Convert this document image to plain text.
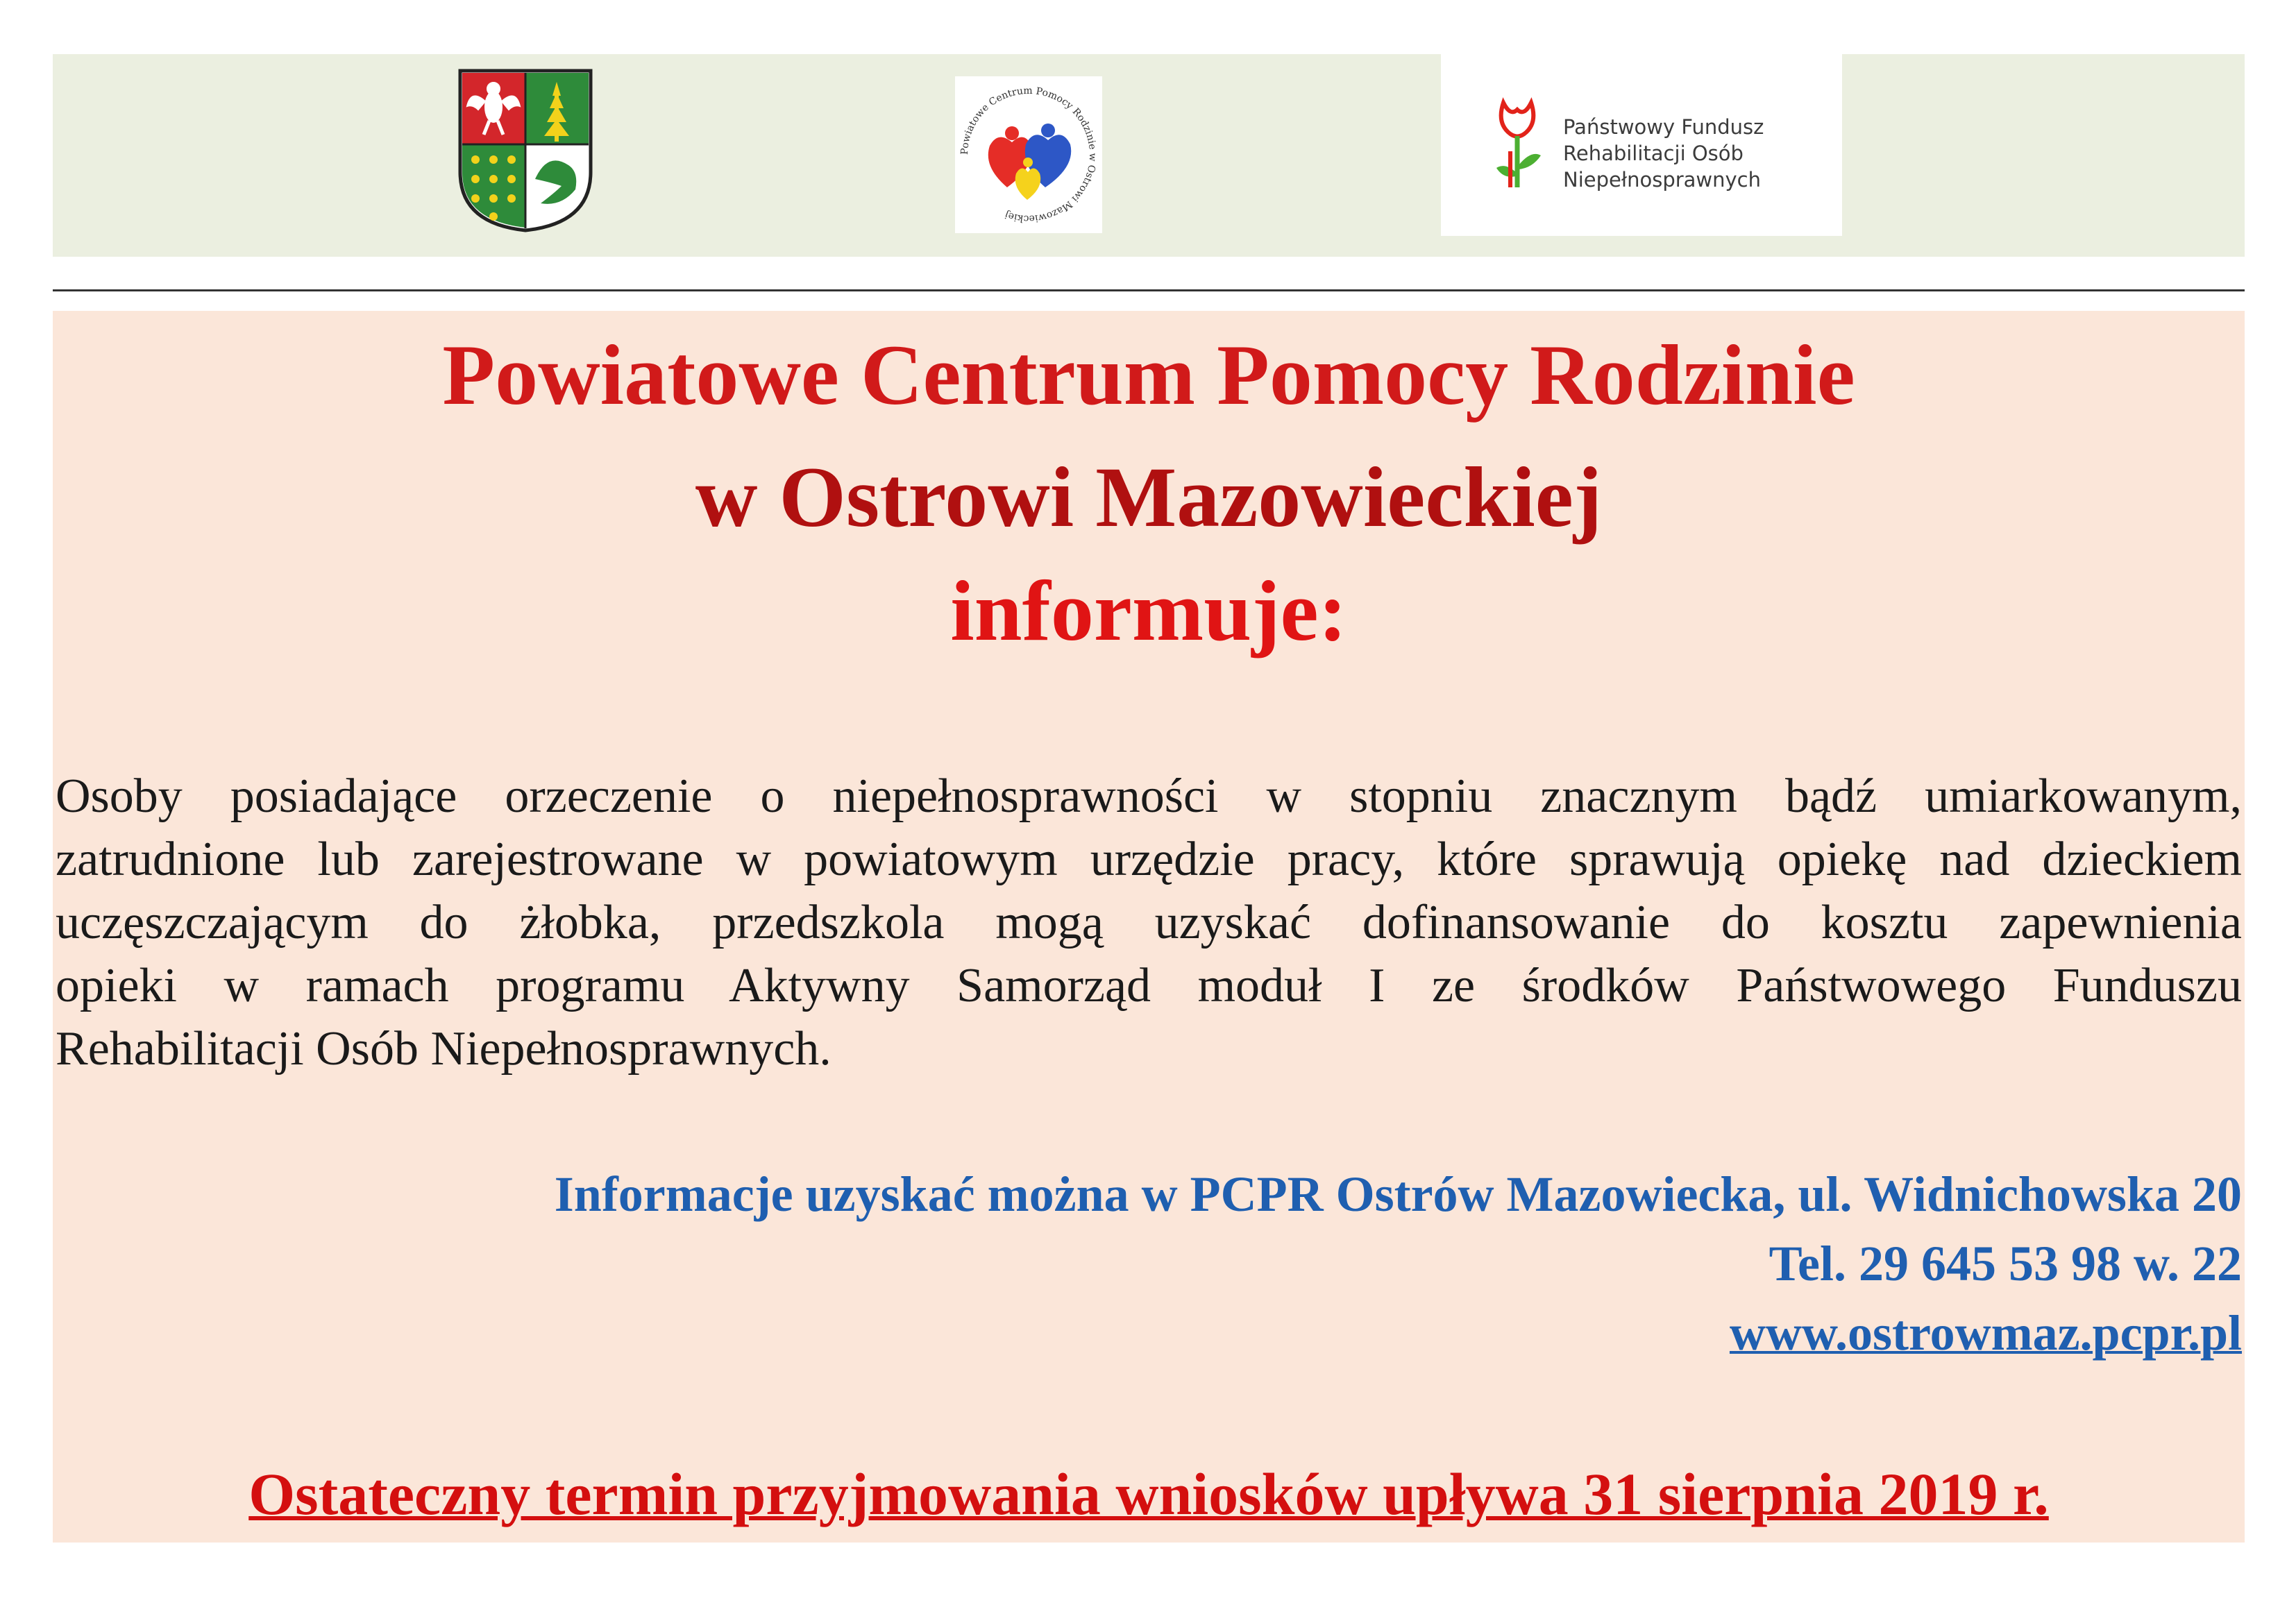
Powiatowe Centrum Pomocy Rodzinie w Ostrowi Mazowieckiej
Państwowy Fundusz
Rehabilitacji Osób
Niepełnosprawnych
Powiatowe Centrum Pomocy Rodzinie
w Ostrowi Mazowieckiej
informuje:
Osoby posiadające orzeczenie o niepełnosprawności w stopniu znacznym bądź umiarkowanym,
zatrudnione lub zarejestrowane w powiatowym urzędzie pracy, które sprawują opiekę nad dzieckiem
uczęszczającym do żłobka, przedszkola mogą uzyskać dofinansowanie do kosztu zapewnienia
opieki w ramach programu Aktywny Samorząd moduł I ze środków Państwowego Funduszu
Rehabilitacji Osób Niepełnosprawnych.
Informacje uzyskać można w PCPR Ostrów Mazowiecka, ul. Widnichowska 20
Tel. 29 645 53 98 w. 22
www.ostrowmaz.pcpr.pl
Ostateczny termin przyjmowania wniosków upływa 31 sierpnia 2019 r.
